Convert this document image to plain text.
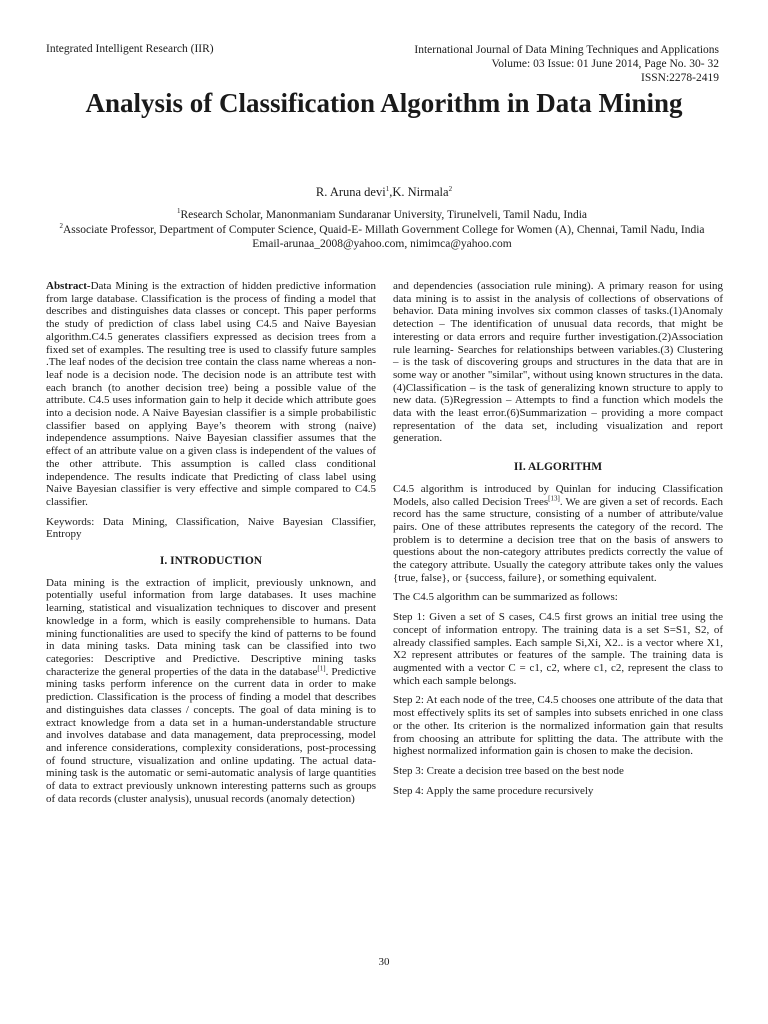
Integrated Intelligent Research (IIR)	International Journal of Data Mining Techniques and Applications
Volume: 03 Issue: 01 June 2014, Page No. 30- 32
ISSN:2278-2419
Analysis of Classification Algorithm in Data Mining
R. Aruna devi$^1$,K. Nirmala$^2$
$^1$Research Scholar, Manonmaniam Sundaranar University, Tirunelveli, Tamil Nadu, India
$^2$Associate Professor, Department of Computer Science, Quaid-E- Millath Government College for Women (A), Chennai, Tamil Nadu, India
Email-arunaa_2008@yahoo.com, nimimca@yahoo.com

Abstract-Data Mining is the extraction of hidden predictive information from large database. Classification is the process of finding a model that describes and distinguishes data classes or concept. This paper performs the study of prediction of class label using C4.5 and Naive Bayesian algorithm.C4.5 generates classifiers expressed as decision trees from a fixed set of examples. The resulting tree is used to classify future samples .The leaf nodes of the decision tree contain the class name whereas a non-leaf node is a decision node. The decision node is an attribute test with each branch (to another decision tree) being a possible value of the attribute. C4.5 uses information gain to help it decide which attribute goes into a decision node. A Naive Bayesian classifier is a simple probabilistic classifier based on applying Baye’s theorem with strong (naive) independence assumptions. Naive Bayesian classifier assumes that the effect of an attribute value on a given class is independent of the values of the other attribute. This assumption is called class conditional independence. The results indicate that Predicting of class label using Naive Bayesian classifier is very effective and simple compared to C4.5 classifier.

Keywords: Data Mining, Classification, Naive Bayesian Classifier, Entropy

I. INTRODUCTION

Data mining is the extraction of implicit, previously unknown, and potentially useful information from large databases. It uses machine learning, statistical and visualization techniques to discover and present knowledge in a form, which is easily comprehensible to humans. Data mining functionalities are used to specify the kind of patterns to be found in data mining tasks. Data mining task can be classified into two categories: Descriptive and Predictive. Descriptive mining tasks characterize the general properties of the data in the database[1]. Predictive mining tasks perform inference on the current data in order to make prediction. Classification is the process of finding a model that describes and distinguishes data classes / concepts. The goal of data mining is to extract knowledge from a data set in a human-understandable structure and involves database and data management, data preprocessing, model and inference considerations, complexity considerations, post-processing of found structure, visualization and online updating. The actual data-mining task is the automatic or semi-automatic analysis of large quantities of data to extract previously unknown interesting patterns such as groups of data records (cluster analysis), unusual records (anomaly detection)

and dependencies (association rule mining). A primary reason for using data mining is to assist in the analysis of collections of observations of behavior. Data mining involves six common classes of tasks.(1)Anomaly detection – The identification of unusual data records, that might be interesting or data errors and require further investigation.(2)Association rule learning- Searches for relationships between variables.(3) Clustering – is the task of discovering groups and structures in the data that are in some way or another "similar", without using known structures in the data.(4)Classification – is the task of generalizing known structure to apply to new data. (5)Regression – Attempts to find a function which models the data with the least error.(6)Summarization – providing a more compact representation of the data set, including visualization and report generation.

II. ALGORITHM

C4.5 algorithm is introduced by Quinlan for inducing Classification Models, also called Decision Trees[13]. We are given a set of records. Each record has the same structure, consisting of a number of attribute/value pairs. One of these attributes represents the category of the record. The problem is to determine a decision tree that on the basis of answers to questions about the non-category attributes predicts correctly the value of the category attribute. Usually the category attribute takes only the values {true, false}, or {success, failure}, or something equivalent.

The C4.5 algorithm can be summarized as follows:

Step 1: Given a set of S cases, C4.5 first grows an initial tree using the concept of information entropy. The training data is a set S=S1, S2, of already classified samples. Each sample Si,Xi, X2.. is a vector where X1, X2 represent attributes or features of the sample. The training data is augmented with a vector C = c1, c2, where c1, c2, represent the class to which each sample belongs.

Step 2: At each node of the tree, C4.5 chooses one attribute of the data that most effectively splits its set of samples into subsets enriched in one class or the other. Its criterion is the normalized information gain that results from choosing an attribute for splitting the data. The attribute with the highest normalized information gain is chosen to make the decision.

Step 3: Create a decision tree based on the best node

Step 4: Apply the same procedure recursively

30
